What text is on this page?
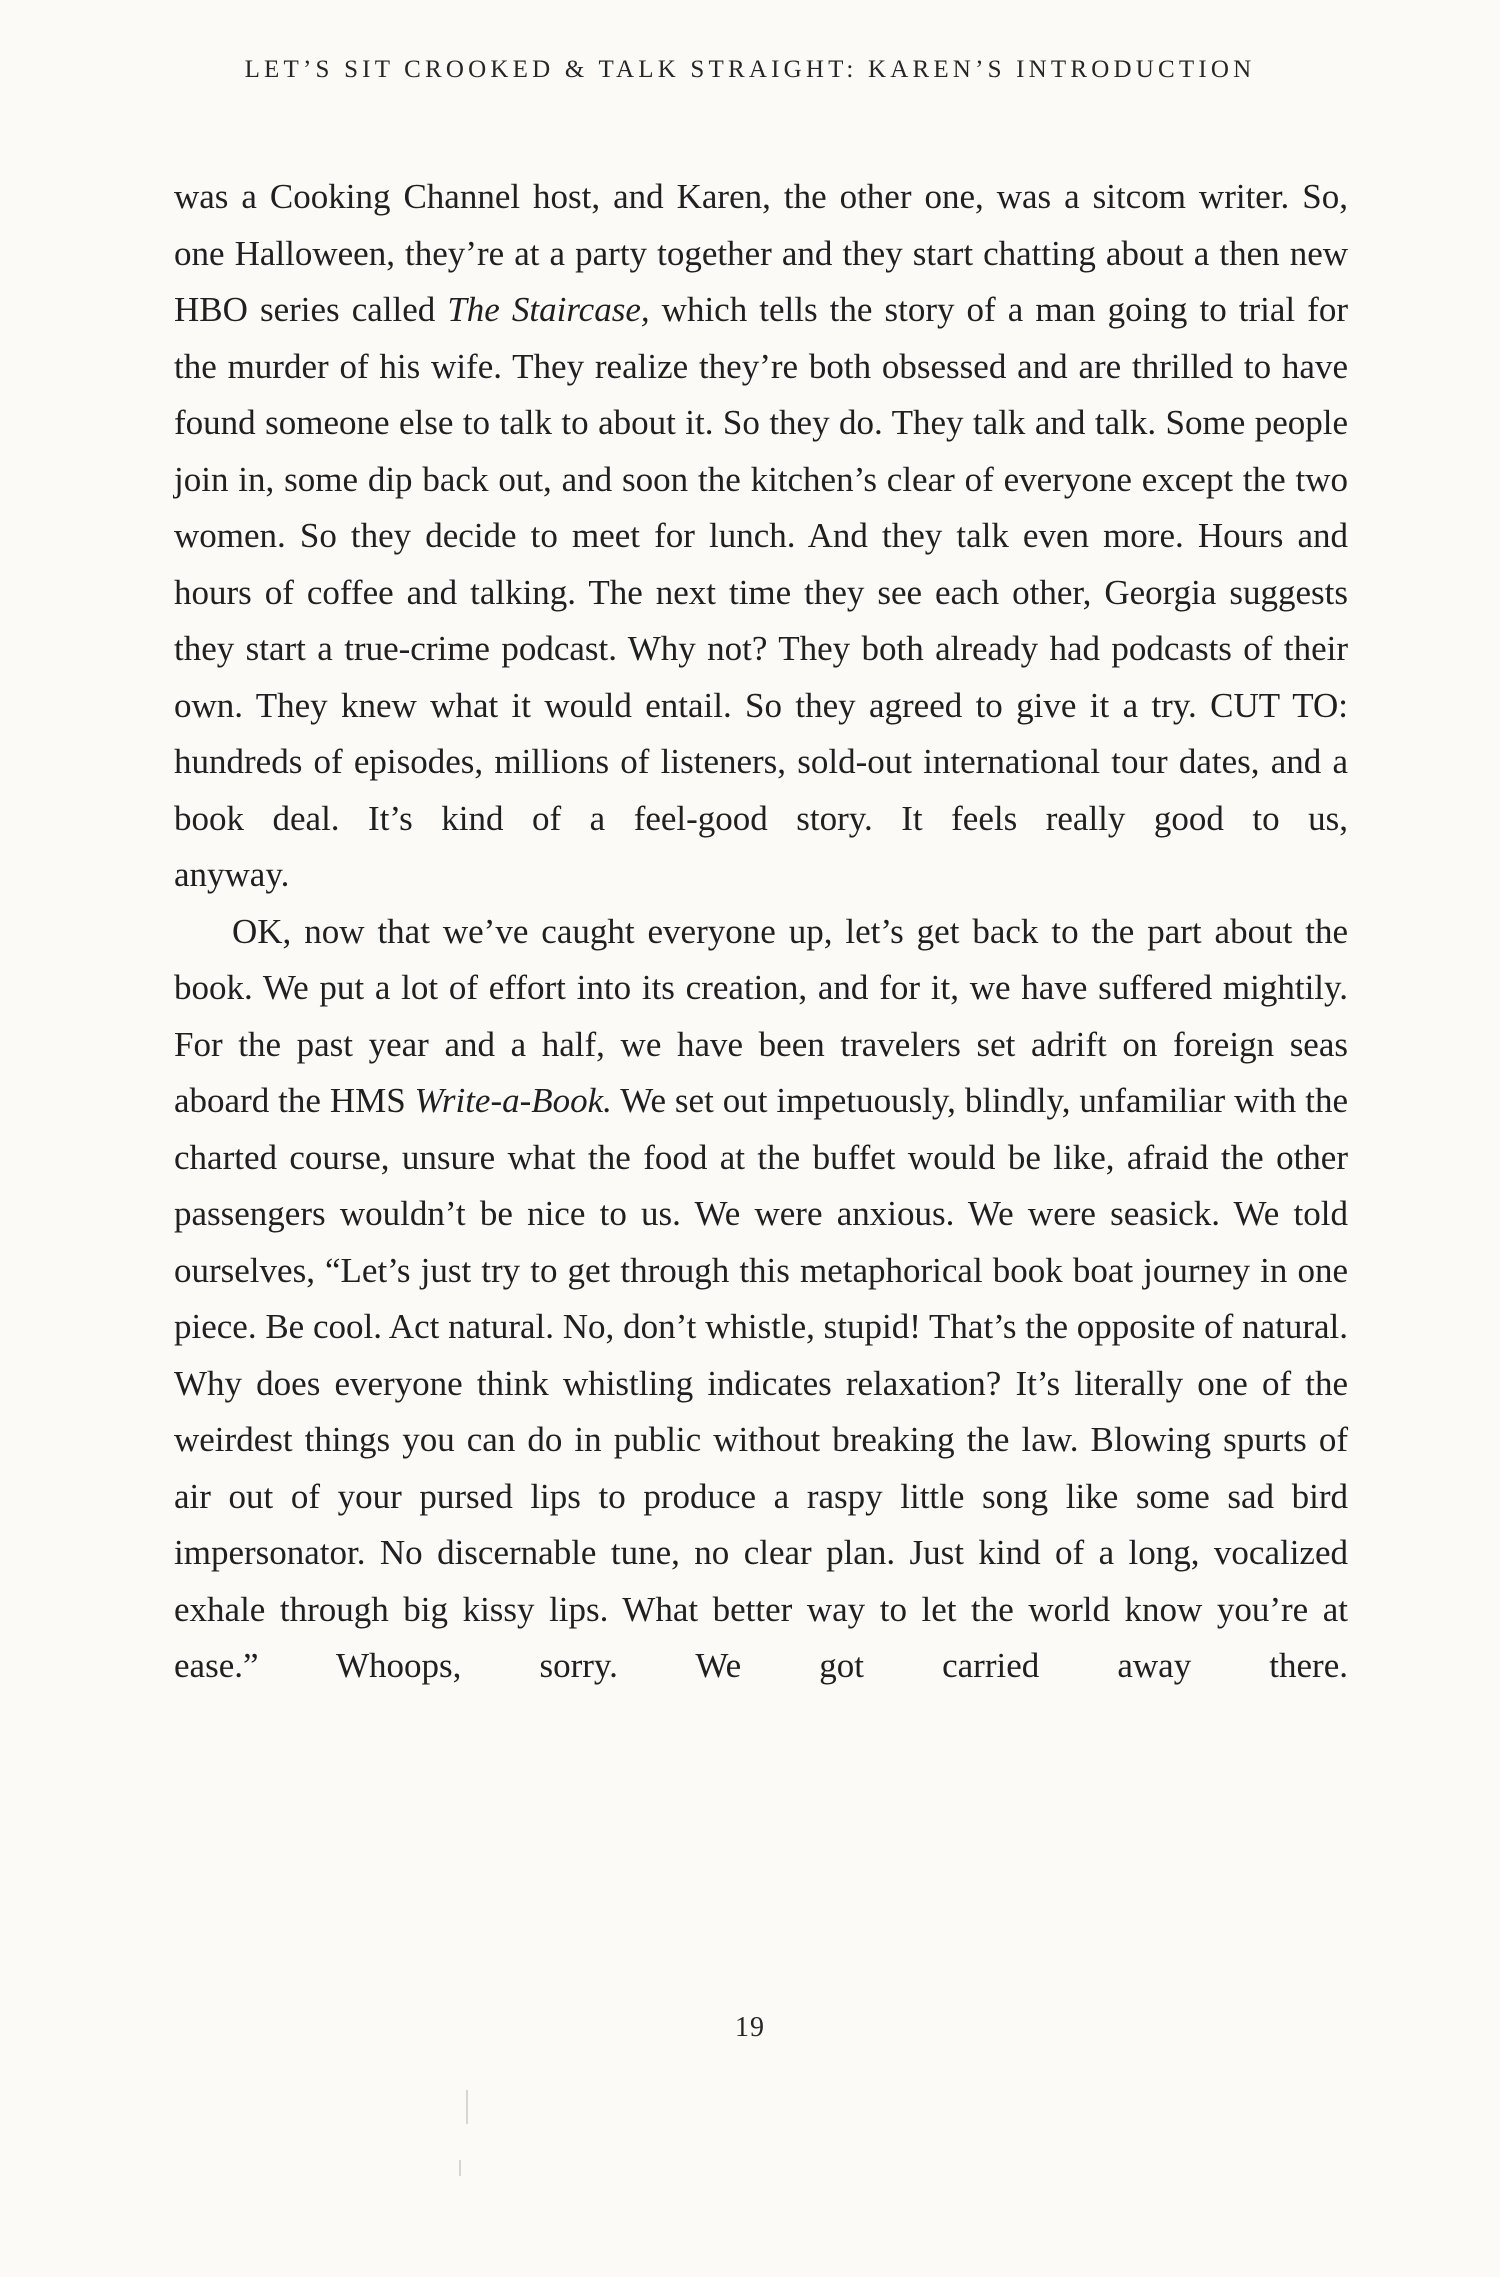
LET’S SIT CROOKED & TALK STRAIGHT: KAREN’S INTRODUCTION

was a Cooking Channel host, and Karen, the other one, was a sitcom writer. So, one Halloween, they’re at a party together and they start chatting about a then new HBO series called The Staircase, which tells the story of a man going to trial for the murder of his wife. They realize they’re both obsessed and are thrilled to have found someone else to talk to about it. So they do. They talk and talk. Some people join in, some dip back out, and soon the kitchen’s clear of everyone except the two women. So they decide to meet for lunch. And they talk even more. Hours and hours of coffee and talking. The next time they see each other, Georgia suggests they start a true-crime podcast. Why not? They both already had podcasts of their own. They knew what it would entail. So they agreed to give it a try. CUT TO: hundreds of episodes, millions of listeners, sold-out international tour dates, and a book deal. It’s kind of a feel-good story. It feels really good to us,
anyway.

OK, now that we’ve caught everyone up, let’s get back to the part about the book. We put a lot of effort into its creation, and for it, we have suffered mightily. For the past year and a half, we have been travelers set adrift on foreign seas aboard the HMS Write-a-Book. We set out impetuously, blindly, unfamiliar with the charted course, unsure what the food at the buffet would be like, afraid the other passengers wouldn’t be nice to us. We were anxious. We were seasick. We told ourselves, “Let’s just try to get through this metaphorical book boat journey in one piece. Be cool. Act natural. No, don’t whistle, stupid! That’s the opposite of natural. Why does everyone think whistling indicates relaxation? It’s literally one of the weirdest things you can do in public without breaking the law. Blowing spurts of air out of your pursed lips to produce a raspy little song like some sad bird impersonator. No discernable tune, no clear plan. Just kind of a long, vocalized exhale through big kissy lips. What better way to let the world know you’re at ease.” Whoops, sorry. We got carried away there.

19
